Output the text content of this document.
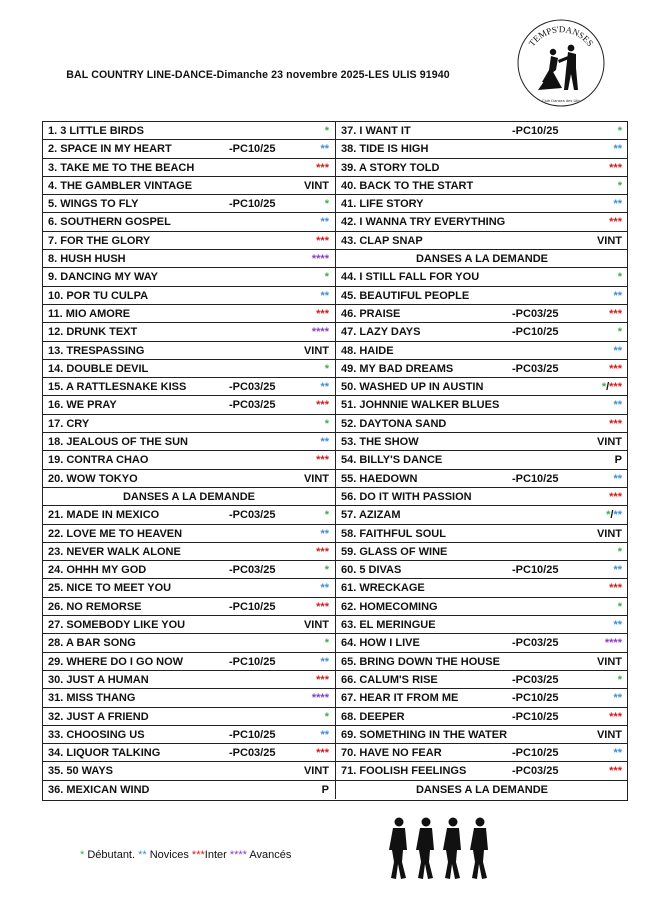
TEMPS'DANSES
Club Danses des Ulis
BAL COUNTRY LINE-DANCE-Dimanche 23 novembre 2025-LES ULIS 91940
1. 3 LITTLE BIRDS	*
2. SPACE IN MY HEART	-PC10/25	**
3. TAKE ME TO THE BEACH	***
4. THE GAMBLER VINTAGE	VINT
5. WINGS TO FLY	-PC10/25	*
6. SOUTHERN GOSPEL	**
7. FOR THE GLORY	***
8. HUSH HUSH	****
9. DANCING MY WAY	*
10. POR TU CULPA	**
11. MIO AMORE	***
12. DRUNK TEXT	****
13. TRESPASSING	VINT
14. DOUBLE DEVIL	*
15. A RATTLESNAKE KISS	-PC03/25	**
16. WE PRAY	-PC03/25	***
17. CRY	*
18. JEALOUS OF THE SUN	**
19. CONTRA CHAO	***
20. WOW TOKYO	VINT
DANSES A LA DEMANDE
21. MADE IN MEXICO	-PC03/25	*
22. LOVE ME TO HEAVEN	**
23. NEVER WALK ALONE	***
24. OHHH MY GOD	-PC03/25	*
25. NICE TO MEET YOU	**
26. NO REMORSE	-PC10/25	***
27. SOMEBODY LIKE YOU	VINT
28. A BAR SONG	*
29. WHERE DO I GO NOW	-PC10/25	**
30. JUST A HUMAN	***
31. MISS THANG	****
32. JUST A FRIEND	*
33. CHOOSING US	-PC10/25	**
34. LIQUOR TALKING	-PC03/25	***
35. 50 WAYS	VINT
36. MEXICAN WIND	P
37. I WANT IT	-PC10/25	*
38. TIDE IS HIGH	**
39. A STORY TOLD	***
40. BACK TO THE START	*
41. LIFE STORY	**
42. I WANNA TRY EVERYTHING	***
43. CLAP SNAP	VINT
DANSES A LA DEMANDE
44. I STILL FALL FOR YOU	*
45. BEAUTIFUL PEOPLE	**
46. PRAISE	-PC03/25	***
47. LAZY DAYS	-PC10/25	*
48. HAIDE	**
49. MY BAD DREAMS	-PC03/25	***
50. WASHED UP IN AUSTIN	*/***
51. JOHNNIE WALKER BLUES	**
52. DAYTONA SAND	***
53. THE SHOW	VINT
54. BILLY'S DANCE	P
55. HAEDOWN	-PC10/25	**
56. DO IT WITH PASSION	***
57. AZIZAM	*/**
58. FAITHFUL SOUL	VINT
59. GLASS OF WINE	*
60. 5 DIVAS	-PC10/25	**
61. WRECKAGE	***
62. HOMECOMING	*
63. EL MERINGUE	**
64. HOW I LIVE	-PC03/25	****
65. BRING DOWN THE HOUSE	VINT
66. CALUM'S RISE	-PC03/25	*
67. HEAR IT FROM ME	-PC10/25	**
68. DEEPER	-PC10/25	***
69. SOMETHING IN THE WATER	VINT
70. HAVE NO FEAR	-PC10/25	**
71. FOOLISH FEELINGS	-PC03/25	***
DANSES A LA DEMANDE
* Débutant. ** Novices ***Inter **** Avancés
